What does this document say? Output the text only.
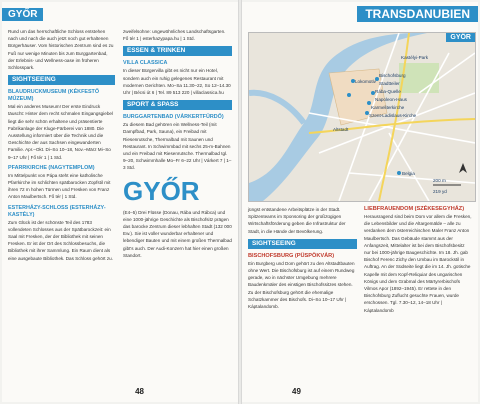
GYŐR

Rund um das herrschaftliche Schloss entstehen nach und nach die auch jetzt noch gut erhaltenen Bürgerhäuser. Vom historischen Zentrum sind es zu Fuß nur wenige Minuten bis zum Burggartenbad, der Erlebnis- und Wellness-oase im früheren Schlosspark.

SIGHTSEEING
BLAUDRUCKMUSEUM (KÉKFESTŐ MÚZEUM)

Mal ein anderes Museum! Der erste Eindruck täuscht: Hinter dem recht schmalen Eingangsgiebel liegt die sehr schön erhaltene und präsentierte Fabrikanlage der Kluge-Färberei von 1880. Die Ausstellung informiert über die Technik und die Geschichte der aus Sachsen eingewanderten Familie. Apr.–Okt. Di–So 10–18, Nov.–März Mi–So 9–17 Uhr | Fő tér 1 | 1 Std.

PFARRKIRCHE (NAGYTEMPLOM)

Im Mittelpunkt von Pápa steht eine katholische Pfarrkirche im schlichten spätbarocken Zopfstil mit ihren 72 m hohen Türmen und Fresken von Franz Anton Maulbertsch. Fő tér | 1 Std.

ESTERHÁZY-SCHLOSS (ESTERHÁZY-KASTÉLY)

Zum Glück ist der schönste Teil des 1783 vollendeten Schlosses aus der Spätbarockzeit: ein Saal mit Fresken, der der Bibliothek mit seinen Fresken. Er ist der Ort des Schlossbesuchs, die Bibliothek mit ihrer Sammlung. Ein Raum dient als eine ausgebaute Bibliothek. Das Schloss gehört zu.

zweifelsohne: ungewöhnliches Landschaftsgarten. Fő tér 1 | esterhazypapa.hu | 1 Std.

ESSEN & TRINKEN
VILLA CLASSICA

In dieser Bürgervilla gibt es nicht nur ein Hotel, sondern auch ein ruhig gelegenes Restaurant mit modernen Gerichten. Mo–Sa 11.30–22, So 12–14.30 Uhr | Bécsi út 6 | Tel. 89 513 220 | villaclassica.hu

SPORT & SPASS
BURGGARTENBAD (VÁRKERTFÜRDŐ)

Zu diesem Bad gehören ein Wellness-Teil (mit Dampfbad, Park, Sauna), ein Freibad mit Riesenrutsche, Thermalbad mit Saunen und Restaurant. In Schwimmbad mit sechs 25-m-Bahnen und ein Freibad mit Riesenrutsche. Thermalbad tgl. 9–20, Schwimmhalle Mo–Fr 6–22 Uhr | Várkert 7 | 1–3 Std.

GYŐR

(E4–5) Drei Flüsse (Donau, Rába und Rábca) und eine 1000-jährige Geschichte als Bischofsitz prägen das barocke Zentrum dieser lebhaften Stadt (132 000 Ew.). Sie ist voller wunderbar erhaltener und lebendiger Bauten und mit einem großen Thermalbad gibt's auch. Der Audi-Konzern hat hier einen großen Standort.

48
TRANSDANUBIEN
Lokomotiv
Bischofsburg
Stadtteiler
Rába-Quelle
Napoleon-Haus
Karmeliterkirche
Szent-Ladislaus-Kirche
Altstadt
Kastélyi-Park
Belgia
200 m
219 yd
GYŐR

jüngst entstandene Arbeitsplätze in der Stadt. Spitzenteams im Sponsoring der großzügigen Wirtschaftsförderung geben die Infrastruktur der Stadt, in die Hände der Bevölkerung.

SIGHTSEEING
BISCHOFSBURG (PÜSPÖKVÁR)

Ein Burgberg und Dom gehört zu den Altstadtbauten ohne Wert. Die Bischofsburg ist auf einem Rundweg gerade, wo in nächster Umgebung mehrere Baudenkmäler des einstigen Bischofssitzes stehen. Zu der Bischofsburg gehört die ehemalige Schatzkammer des Bischofs. Di–So 10–17 Uhr | Káptalandomb.

LIEBFRAUENDOM (SZÉKESEGYHÁZ)

Herausragend sind beim Dom vor allem die Fresken, die Lebensbilder und die Altargemälde – alle zu verdanken dem österreichischen Maler Franz Anton Maulbertsch. Das Gebäude stammt aus der Anfangszeit, Mittelalter ist bei dem Bischofsbesitz nur bei 1000-jährige Baugeschichte. Im 18. Jh. gab Bischof Ferenc Zichy den Umbau im Barockstil in Auftrag. An der Südseite liegt die im 14. Jh. gotische Kapelle mit dem Kopf-Reliquiar des ungarischen Königs und dem Grabmal des Märtyrerbischofs Vilmos Apor (1892–1945). Er rettete in den Bischofsburg Zuflucht gesuchte Frauen, wurde erschossen. Tgl. 7.30–12, 14–18 Uhr | Káptalandomb

49
